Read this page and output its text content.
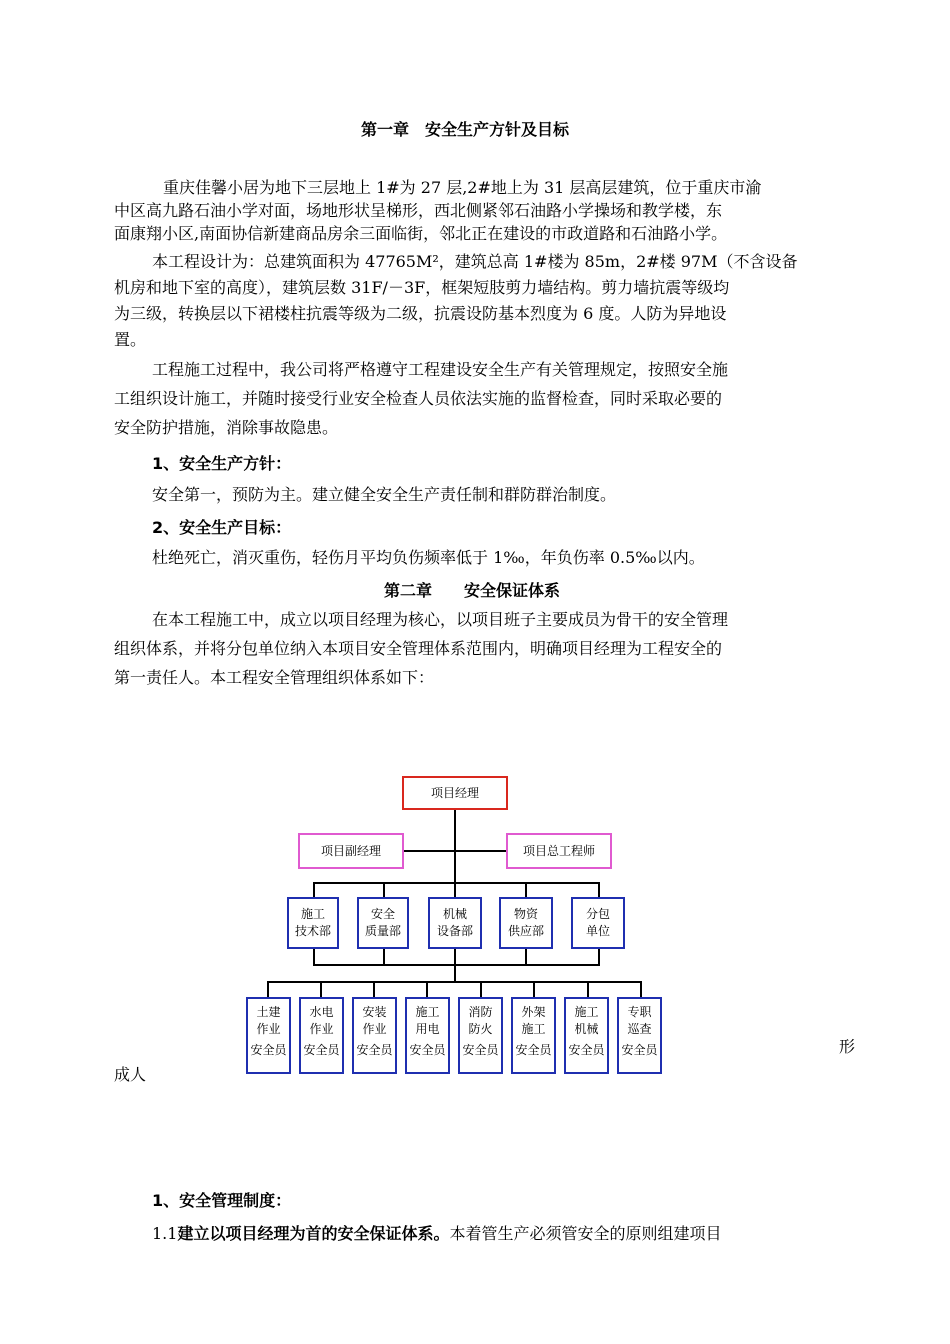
第一章　安全生产方针及目标
重庆佳馨小居为地下三层地上 1#为 27 层,2#地上为 31 层高层建筑，位于重庆市渝
中区高九路石油小学对面，场地形状呈梯形，西北侧紧邻石油路小学操场和教学楼，东
面康翔小区,南面协信新建商品房余三面临街，邻北正在建设的市政道路和石油路小学。
本工程设计为：总建筑面积为 47765M²，建筑总高 1#楼为 85m，2#楼 97M（不含设备
机房和地下室的高度），建筑层数 31F/－3F，框架短肢剪力墙结构。剪力墙抗震等级均
为三级，转换层以下裙楼柱抗震等级为二级，抗震设防基本烈度为 6 度。人防为异地设
置。
工程施工过程中，我公司将严格遵守工程建设安全生产有关管理规定，按照安全施
工组织设计施工，并随时接受行业安全检查人员依法实施的监督检查，同时采取必要的
安全防护措施，消除事故隐患。
1、安全生产方针：
安全第一，预防为主。建立健全安全生产责任制和群防群治制度。
2、安全生产目标：
杜绝死亡，消灭重伤，轻伤月平均负伤频率低于 1‰，年负伤率 0.5‰以内。
第二章　　安全保证体系
在本工程施工中，成立以项目经理为核心，以项目班子主要成员为骨干的安全管理
组织体系，并将分包单位纳入本项目安全管理体系范围内，明确项目经理为工程安全的
第一责任人。本工程安全管理组织体系如下：
项目经理
项目副经理	项目总工程师
施工
技术部
安全
质量部
机械
设备部
物资
供应部
分包
单位
土建
作业
安全员
水电
作业
安全员
安装
作业
安全员
施工
用电
安全员
消防
防火
安全员
外架
施工
安全员
施工
机械
安全员
专职
巡查
安全员	形
成人
1、安全管理制度：
1.1建立以项目经理为首的安全保证体系。本着管生产必须管安全的原则组建项目
